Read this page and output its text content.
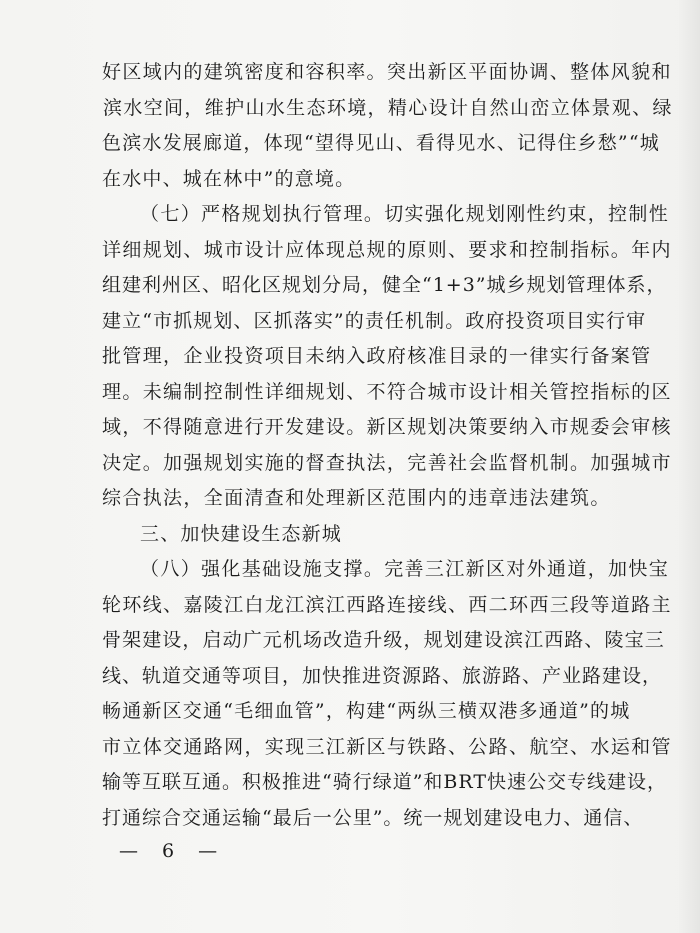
好区域内的建筑密度和容积率。突出新区平面协调、整体风貌和
滨水空间，维护山水生态环境，精心设计自然山峦立体景观、绿
色滨水发展廊道，体现“望得见山、看得见水、记得住乡愁”“城
在水中、城在林中”的意境。
（七）严格规划执行管理。切实强化规划刚性约束，控制性
详细规划、城市设计应体现总规的原则、要求和控制指标。年内
组建利州区、昭化区规划分局，健全“1+3”城乡规划管理体系，
建立“市抓规划、区抓落实”的责任机制。政府投资项目实行审
批管理，企业投资项目未纳入政府核准目录的一律实行备案管
理。未编制控制性详细规划、不符合城市设计相关管控指标的区
域，不得随意进行开发建设。新区规划决策要纳入市规委会审核
决定。加强规划实施的督查执法，完善社会监督机制。加强城市
综合执法，全面清查和处理新区范围内的违章违法建筑。
三、加快建设生态新城
（八）强化基础设施支撑。完善三江新区对外通道，加快宝
轮环线、嘉陵江白龙江滨江西路连接线、西二环西三段等道路主
骨架建设，启动广元机场改造升级，规划建设滨江西路、陵宝三
线、轨道交通等项目，加快推进资源路、旅游路、产业路建设，
畅通新区交通“毛细血管”，构建“两纵三横双港多通道”的城
市立体交通路网，实现三江新区与铁路、公路、航空、水运和管
输等互联互通。积极推进“骑行绿道”和BRT快速公交专线建设，
打通综合交通运输“最后一公里”。统一规划建设电力、通信、
— 6 —
